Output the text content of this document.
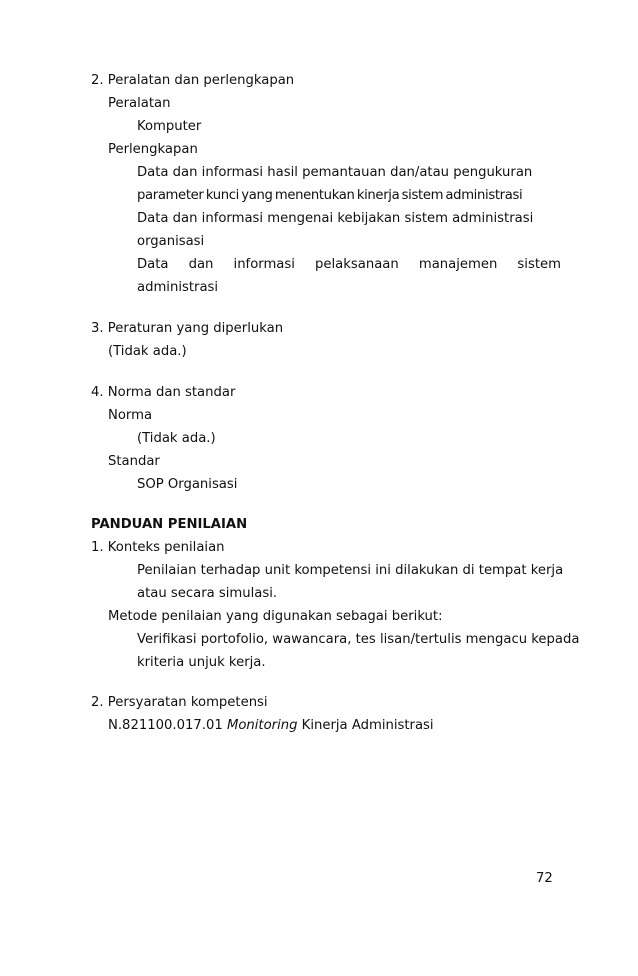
2. Peralatan dan perlengkapan
Peralatan
Komputer
Perlengkapan
Data dan informasi hasil pemantauan dan/atau pengukuran
parameter kunci yang menentukan kinerja sistem administrasi
Data dan informasi mengenai kebijakan sistem administrasi
organisasi
Data dan informasi pelaksanaan manajemen sistem
administrasi
3. Peraturan yang diperlukan
(Tidak ada.)
4. Norma dan standar
Norma
(Tidak ada.)
Standar
SOP Organisasi
PANDUAN PENILAIAN
1. Konteks penilaian
Penilaian terhadap unit kompetensi ini dilakukan di tempat kerja
atau secara simulasi.
Metode penilaian yang digunakan sebagai berikut:
Verifikasi portofolio, wawancara, tes lisan/tertulis mengacu kepada
kriteria unjuk kerja.
2. Persyaratan kompetensi
N.821100.017.01 Monitoring Kinerja Administrasi
72
